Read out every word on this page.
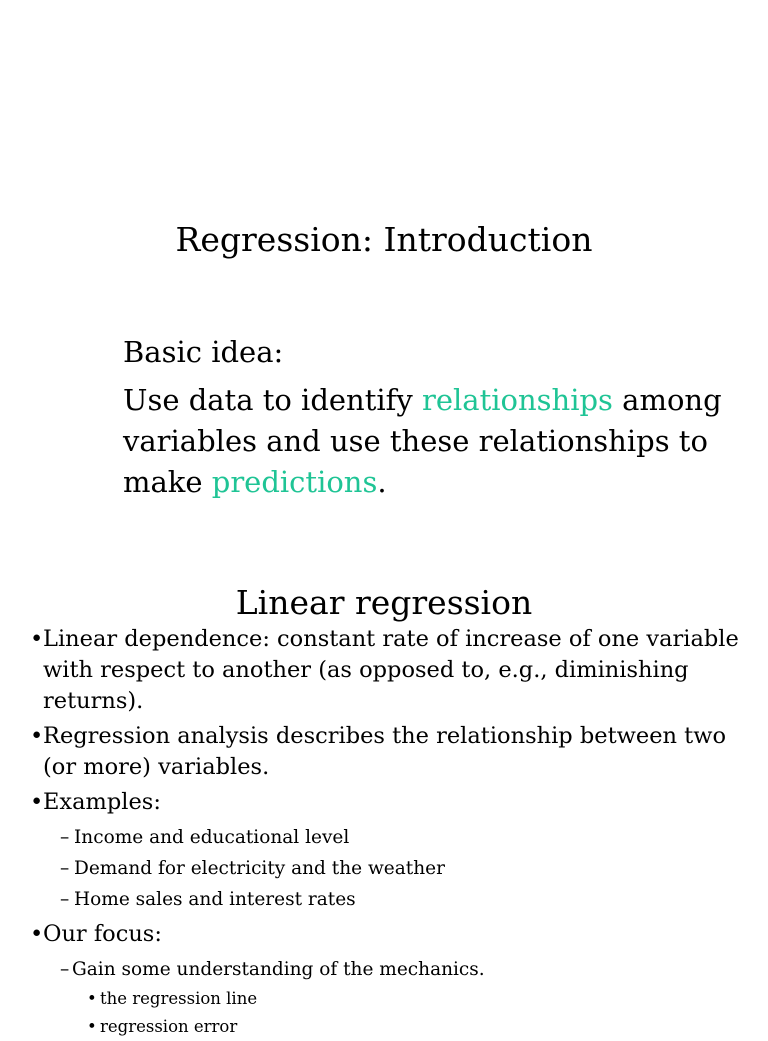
Regression: Introduction
Basic idea:
Use data to identify relationships among variables and use these relationships to make predictions.
Linear regression
• Linear dependence: constant rate of increase of one variable with respect to another (as opposed to, e.g., diminishing returns).
• Regression analysis describes the relationship between two (or more) variables.
• Examples:
– Income and educational level
– Demand for electricity and the weather
– Home sales and interest rates
• Our focus:
– Gain some understanding of the mechanics.
• the regression line
• regression error
